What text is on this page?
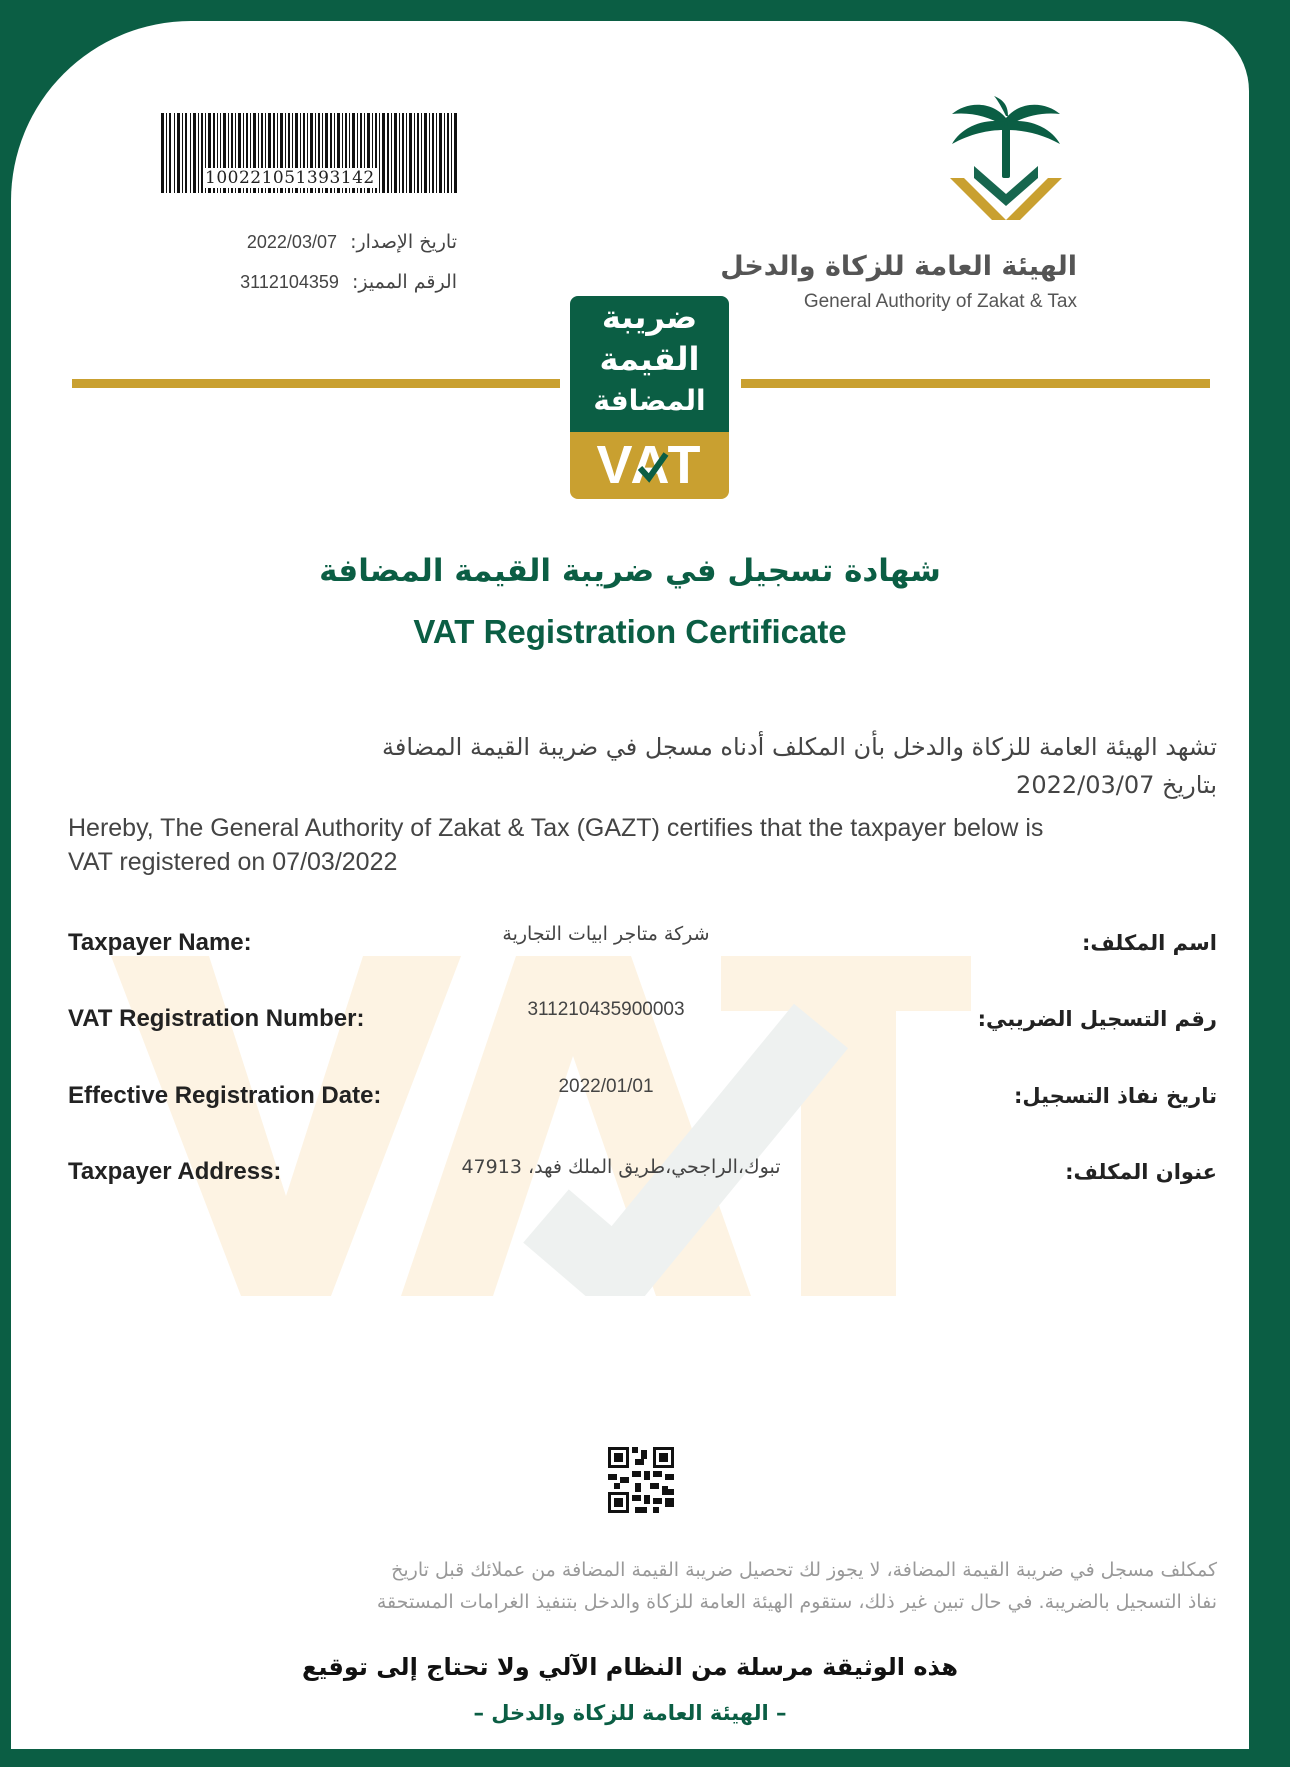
100221051393142
تاريخ الإصدار: 2022/03/07
الرقم المميز: 3112104359	الهيئة العامة للزكاة والدخل
General Authority of Zakat & Tax
ضريبة
القيمة
المضافة
VAT
شهادة تسجيل في ضريبة القيمة المضافة
VAT Registration Certificate
تشهد الهيئة العامة للزكاة والدخل بأن المكلف أدناه مسجل في ضريبة القيمة المضافة
بتاريخ 2022/03/07
Hereby, The General Authority of Zakat & Tax (GAZT) certifies that the taxpayer below is
VAT registered on 07/03/2022
Taxpayer Name:	شركة متاجر ابيات التجارية	اسم المكلف:
VAT Registration Number:	311210435900003	رقم التسجيل الضريبي:
Effective Registration Date:	2022/01/01	تاريخ نفاذ التسجيل:
Taxpayer Address:	تبوك،الراجحي،طريق الملك فهد، 47913	عنوان المكلف:
كمكلف مسجل في ضريبة القيمة المضافة، لا يجوز لك تحصيل ضريبة القيمة المضافة من عملائك قبل تاريخ
نفاذ التسجيل بالضريبة. في حال تبين غير ذلك، ستقوم الهيئة العامة للزكاة والدخل بتنفيذ الغرامات المستحقة
هذه الوثيقة مرسلة من النظام الآلي ولا تحتاج إلى توقيع
– الهيئة العامة للزكاة والدخل –
